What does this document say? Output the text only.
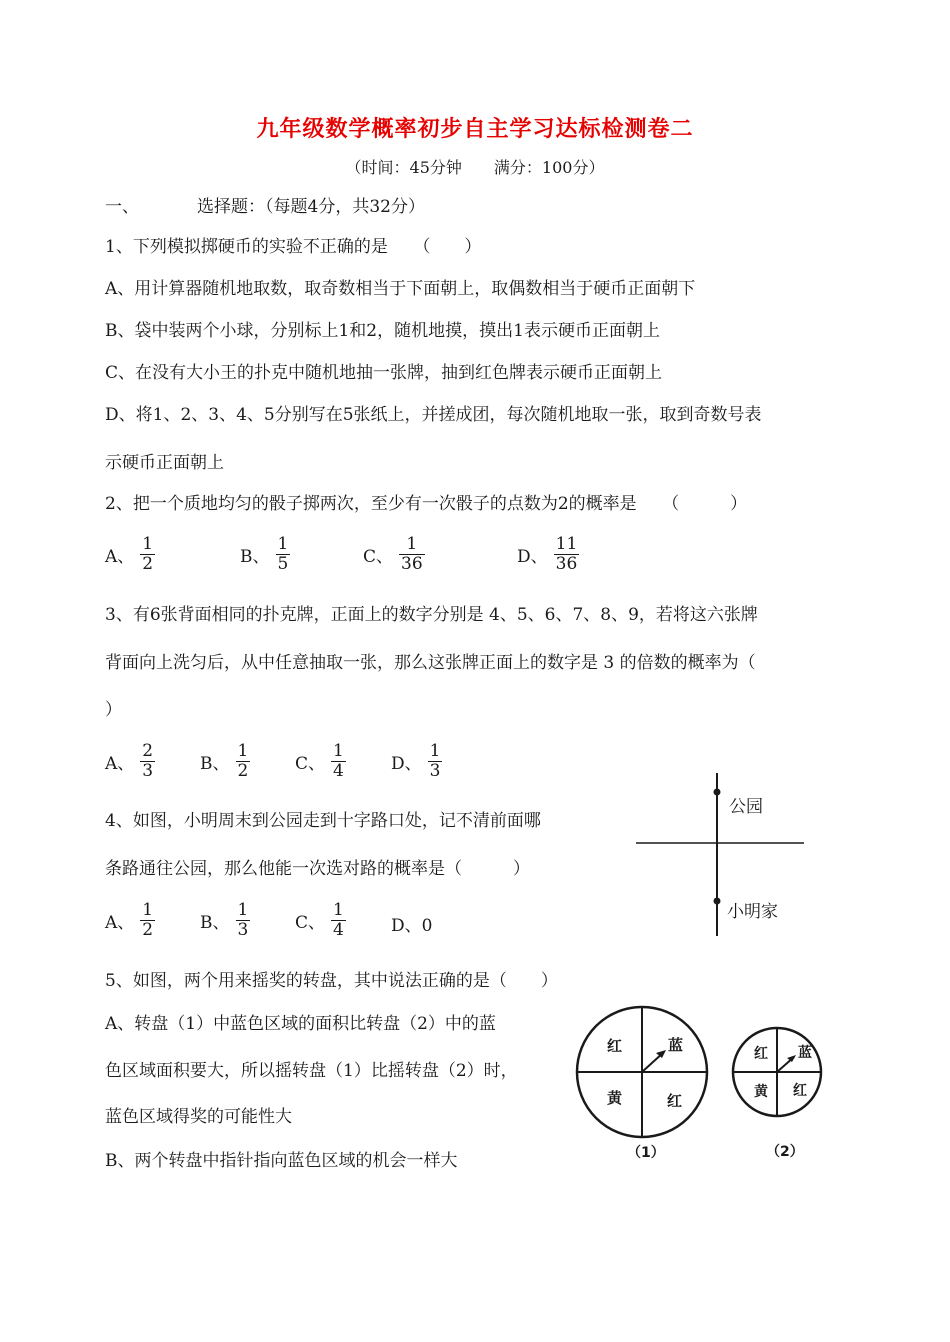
九年级数学概率初步自主学习达标检测卷二
（时间：45分钟　　满分：100分）
一、	选择题：（每题4分，共32分）
1、下列模拟掷硬币的实验不正确的是　　（　　）
A、用计算器随机地取数，取奇数相当于下面朝上，取偶数相当于硬币正面朝下
B、袋中装两个小球，分别标上1和2，随机地摸，摸出1表示硬币正面朝上
C、在没有大小王的扑克中随机地抽一张牌，抽到红色牌表示硬币正面朝上
D、将1、2、3、4、5分别写在5张纸上，并搓成团，每次随机地取一张，取到奇数号表
示硬币正面朝上
2、把一个质地均匀的骰子掷两次，至少有一次骰子的点数为2的概率是　　（　　　）
A、 $\frac{1}{2}$	B、 $\frac{1}{5}$	C、 $\frac{1}{36}$	D、 $\frac{11}{36}$
3、有6张背面相同的扑克牌，正面上的数字分别是 4、5、6、7、8、9，若将这六张牌
背面向上洗匀后，从中任意抽取一张，那么这张牌正面上的数字是 3 的倍数的概率为（
）
A、 $\frac{2}{3}$	B、 $\frac{1}{2}$	C、 $\frac{1}{4}$	D、 $\frac{1}{3}$
4、如图，小明周末到公园走到十字路口处，记不清前面哪
条路通往公园，那么他能一次选对路的概率是（　　　）
A、 $\frac{1}{2}$	B、 $\frac{1}{3}$	C、 $\frac{1}{4}$	D、0
公园
小明家
5、如图，两个用来摇奖的转盘，其中说法正确的是（　　）
A、转盘（1）中蓝色区域的面积比转盘（2）中的蓝
色区域面积要大，所以摇转盘（1）比摇转盘（2）时，
蓝色区域得奖的可能性大
B、两个转盘中指针指向蓝色区域的机会一样大
红	蓝
黄	红
（1）
红 蓝
黄 红
（2）
